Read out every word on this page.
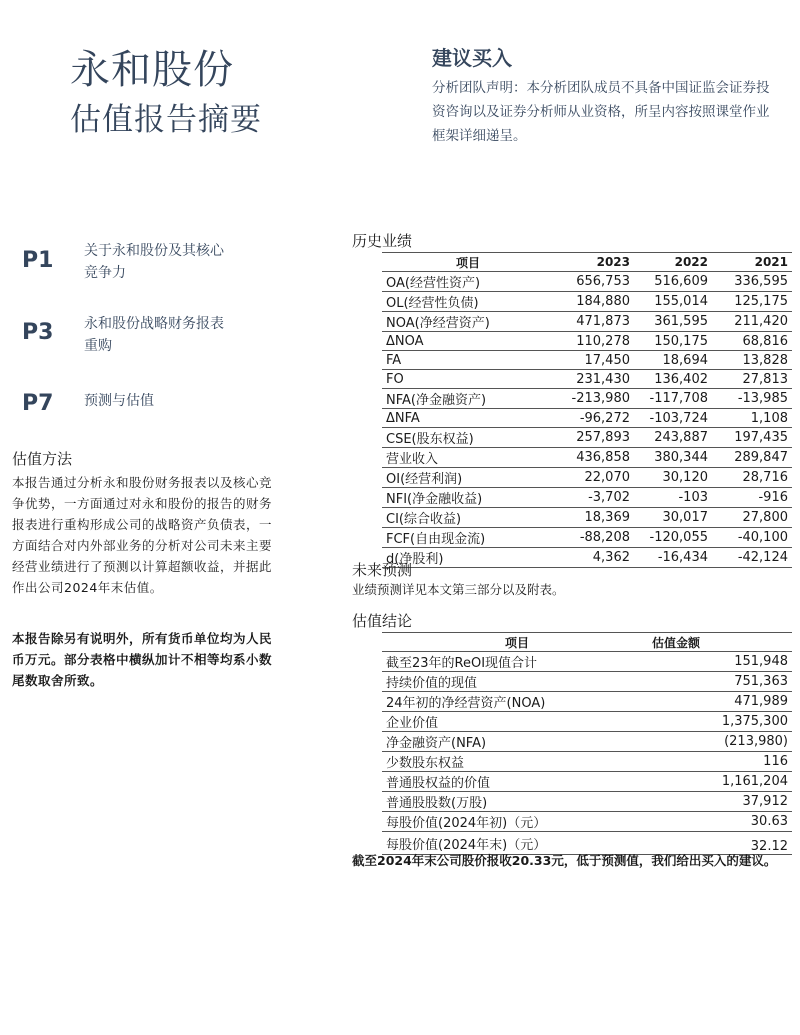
永和股份
估值报告摘要
建议买入
分析团队声明：本分析团队成员不具备中国证监会证券投资咨询以及证券分析师从业资格，所呈内容按照课堂作业框架详细递呈。
P1 关于永和股份及其核心竞争力
P3 永和股份战略财务报表重购
P7 预测与估值
估值方法
本报告通过分析永和股份财务报表以及核心竞争优势，一方面通过对永和股份的报告的财务报表进行重构形成公司的战略资产负债表，一方面结合对内外部业务的分析对公司未来主要经营业绩进行了预测以计算超额收益，并据此作出公司2024年末估值。
本报告除另有说明外，所有货币单位均为人民币万元。部分表格中横纵加计不相等均系小数尾数取舍所致。
历史业绩
项目	2023	2022	2021
OA(经营性资产)	656,753	516,609	336,595
OL(经营性负债)	184,880	155,014	125,175
NOA(净经营资产)	471,873	361,595	211,420
ΔNOA	110,278	150,175	68,816
FA	17,450	18,694	13,828
FO	231,430	136,402	27,813
NFA(净金融资产)	-213,980	-117,708	-13,985
ΔNFA	-96,272	-103,724	1,108
CSE(股东权益)	257,893	243,887	197,435
营业收入	436,858	380,344	289,847
OI(经营利润)	22,070	30,120	28,716
NFI(净金融收益)	-3,702	-103	-916
CI(综合收益)	18,369	30,017	27,800
FCF(自由现金流)	-88,208	-120,055	-40,100
d(净股利)	4,362	-16,434	-42,124
未来预测
业绩预测详见本文第三部分以及附表。
估值结论
项目	估值金额
截至23年的ReOI现值合计	151,948
持续价值的现值	751,363
24年初的净经营资产(NOA)	471,989
企业价值	1,375,300
净金融资产(NFA)	(213,980)
少数股东权益	116
普通股权益的价值	1,161,204
普通股股数(万股)	37,912
每股价值(2024年初)（元）	30.63
每股价值(2024年末)（元）	32.12
截至2024年末公司股价报收20.33元，低于预测值，我们给出买入的建议。
